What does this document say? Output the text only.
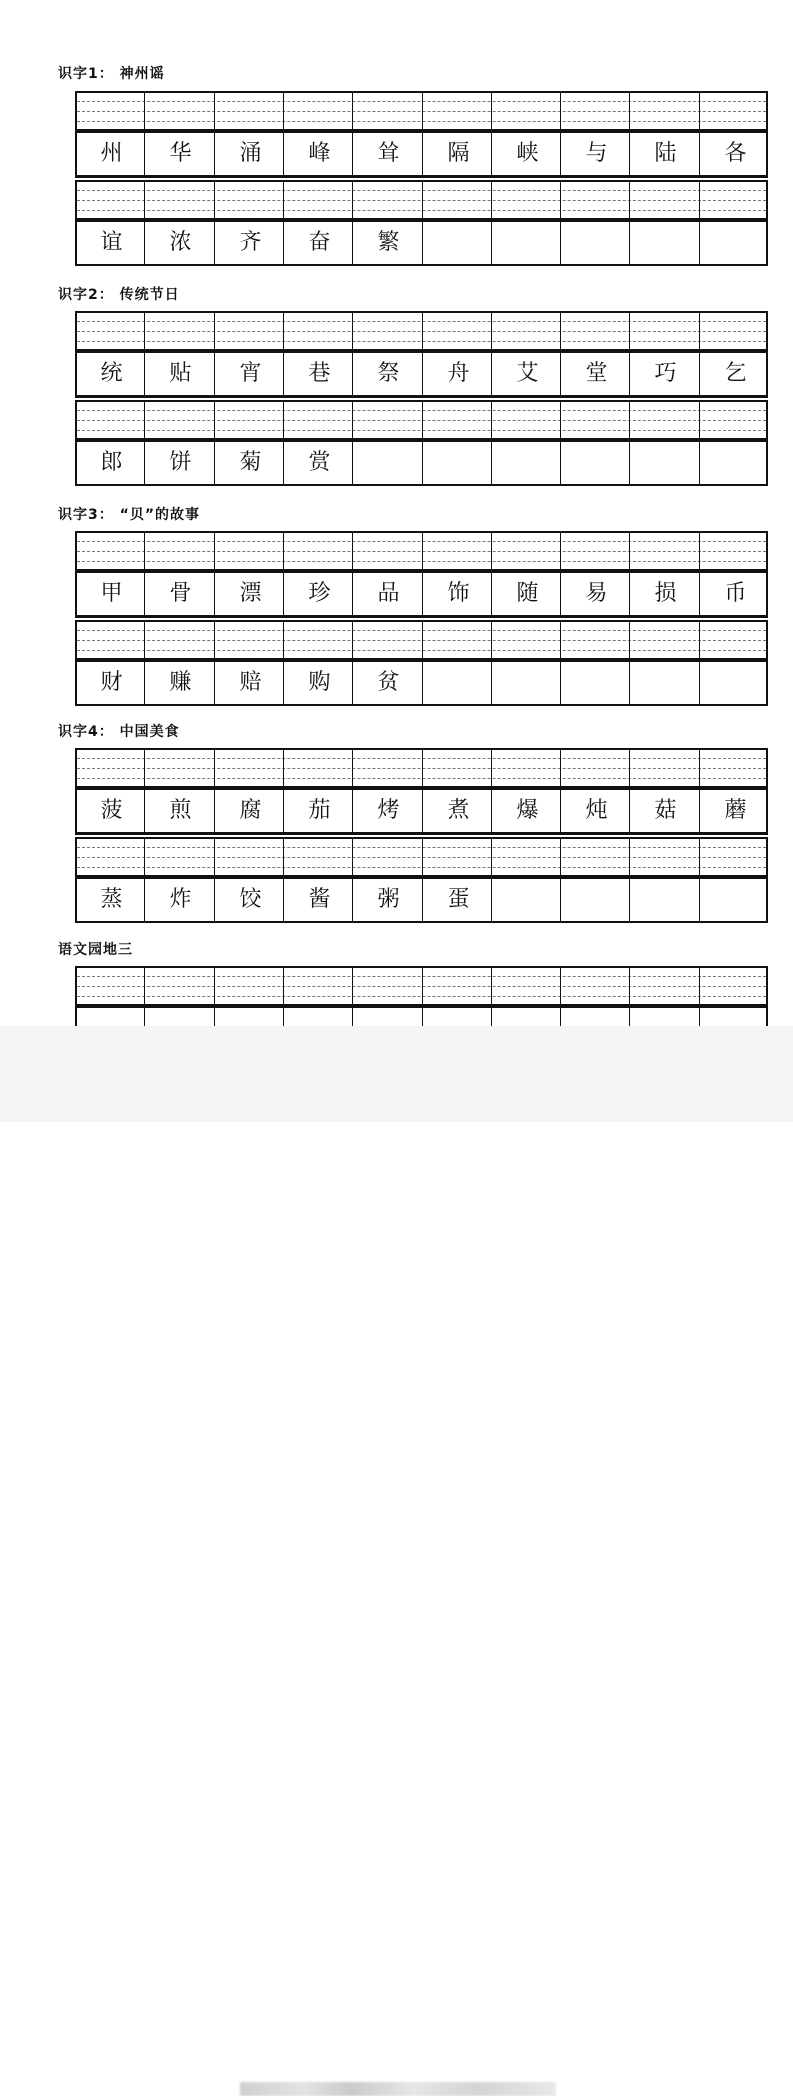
识字1： 神州谣
州	华	涌	峰	耸	隔	峡	与	陆	各
谊	浓	齐	奋	繁
识字2： 传统节日
统	贴	宵	巷	祭	舟	艾	堂	巧	乞
郎	饼	菊	赏
识字3： “贝”的故事
甲	骨	漂	珍	品	饰	随	易	损	币
财	赚	赔	购	贫
识字4： 中国美食
菠	煎	腐	茄	烤	煮	爆	炖	菇	蘑
蒸	炸	饺	酱	粥	蛋
语文园地三
